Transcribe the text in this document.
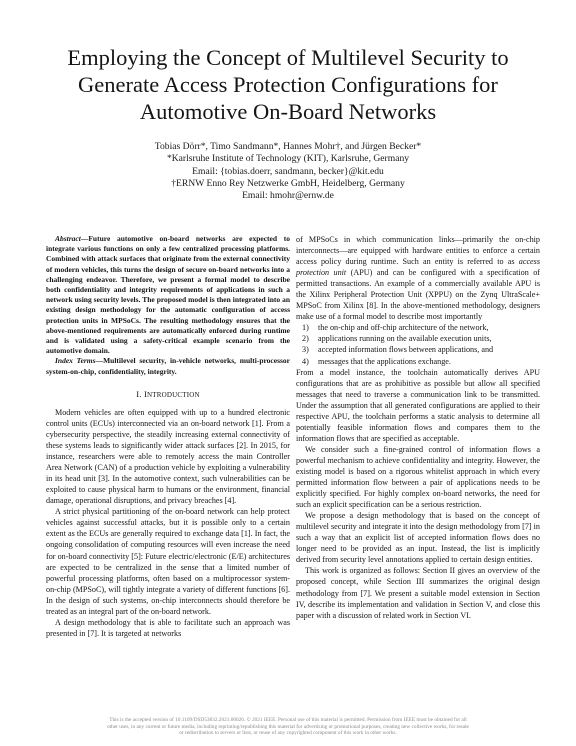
Employing the Concept of Multilevel Security to
Generate Access Protection Configurations for
Automotive On-Board Networks
Tobias Dörr*, Timo Sandmann*, Hannes Mohr†, and Jürgen Becker*
*Karlsruhe Institute of Technology (KIT), Karlsruhe, Germany
Email: {tobias.doerr, sandmann, becker}@kit.edu
†ERNW Enno Rey Netzwerke GmbH, Heidelberg, Germany
Email: hmohr@ernw.de

Abstract—Future automotive on-board networks are expected to integrate various functions on only a few centralized processing platforms. Combined with attack surfaces that originate from the external connectivity of modern vehicles, this turns the design of secure on-board networks into a challenging endeavor. Therefore, we present a formal model to describe both confidentiality and integrity requirements of applications in such a network using security levels. The proposed model is then integrated into an existing design methodology for the automatic configuration of access protection units in MPSoCs. The resulting methodology ensures that the above-mentioned requirements are automatically enforced during runtime and is validated using a safety-critical example scenario from the automotive domain.

Index Terms—Multilevel security, in-vehicle networks, multi-processor system-on-chip, confidentiality, integrity.

I. INTRODUCTION

Modern vehicles are often equipped with up to a hundred electronic control units (ECUs) interconnected via an on-board network [1]. From a cybersecurity perspective, the steadily increasing external connectivity of these systems leads to significantly wider attack surfaces [2]. In 2015, for instance, researchers were able to remotely access the main Controller Area Network (CAN) of a production vehicle by exploiting a vulnerability in its head unit [3]. In the automotive context, such vulnerabilities can be exploited to cause physical harm to humans or the environment, financial damage, operational disruptions, and privacy breaches [4].

A strict physical partitioning of the on-board network can help protect vehicles against successful attacks, but it is possible only to a certain extent as the ECUs are generally required to exchange data [1]. In fact, the ongoing consolidation of computing resources will even increase the need for on-board connectivity [5]: Future electric/electronic (E/E) architectures are expected to be centralized in the sense that a limited number of powerful processing platforms, often based on a multiprocessor system-on-chip (MPSoC), will tightly integrate a variety of different functions [6]. In the design of such systems, on-chip interconnects should therefore be treated as an integral part of the on-board network.

A design methodology that is able to facilitate such an approach was presented in [7]. It is targeted at networks

of MPSoCs in which communication links—primarily the on-chip interconnects—are equipped with hardware entities to enforce a certain access policy during runtime. Such an entity is referred to as access protection unit (APU) and can be configured with a specification of permitted transactions. An example of a commercially available APU is the Xilinx Peripheral Protection Unit (XPPU) on the Zynq UltraScale+ MPSoC from Xilinx [8]. In the above-mentioned methodology, designers make use of a formal model to describe most importantly

1) the on-chip and off-chip architecture of the network,
2) applications running on the available execution units,
3) accepted information flows between applications, and
4) messages that the applications exchange.

From a model instance, the toolchain automatically derives APU configurations that are as prohibitive as possible but allow all specified messages that need to traverse a communication link to be transmitted. Under the assumption that all generated configurations are applied to their respective APU, the toolchain performs a static analysis to determine all potentially feasible information flows and compares them to the information flows that are specified as acceptable.

We consider such a fine-grained control of information flows a powerful mechanism to achieve confidentiality and integrity. However, the existing model is based on a rigorous whitelist approach in which every permitted information flow between a pair of applications needs to be explicitly specified. For highly complex on-board networks, the need for such an explicit specification can be a serious restriction.

We propose a design methodology that is based on the concept of multilevel security and integrate it into the design methodology from [7] in such a way that an explicit list of accepted information flows does no longer need to be provided as an input. Instead, the list is implicitly derived from security level annotations applied to certain design entities.

This work is organized as follows: Section II gives an overview of the proposed concept, while Section III summarizes the original design methodology from [7]. We present a suitable model extension in Section IV, describe its implementation and validation in Section V, and close this paper with a discussion of related work in Section VI.

This is the accepted version of 10.1109/DSD53832.2021.00026. © 2021 IEEE. Personal use of this material is permitted. Permission from IEEE must be obtained for all
other uses, in any current or future media, including reprinting/republishing this material for advertising or promotional purposes, creating new collective works, for resale
or redistribution to servers or lists, or reuse of any copyrighted component of this work in other works.
